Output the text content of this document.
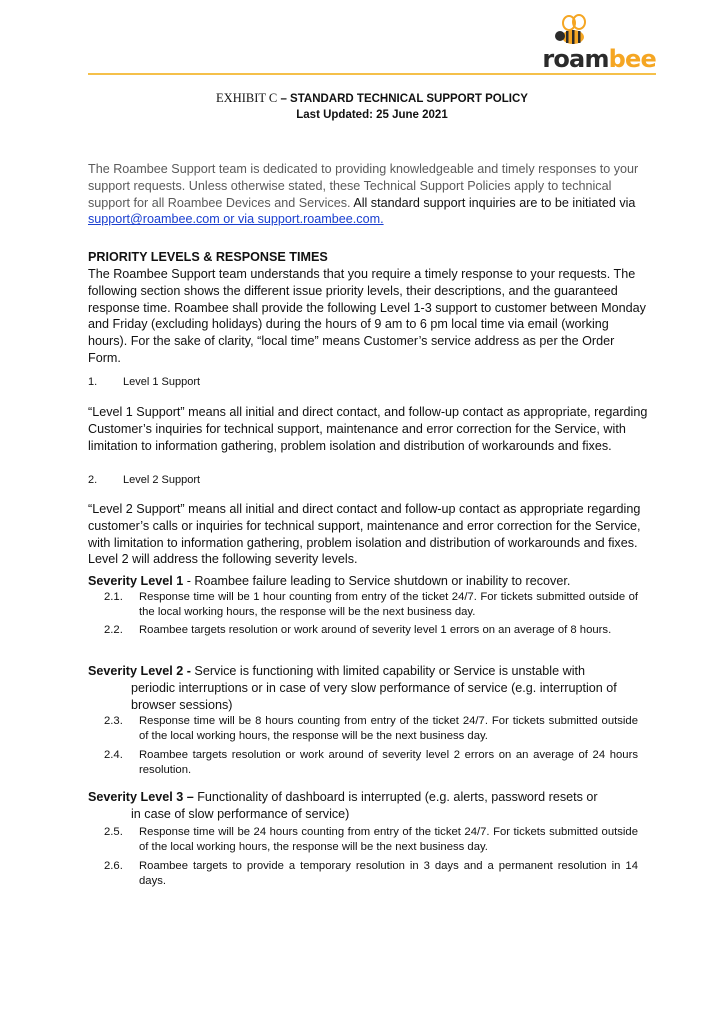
roambee
EXHIBIT C – STANDARD TECHNICAL SUPPORT POLICY
Last Updated: 25 June 2021
The Roambee Support team is dedicated to providing knowledgeable and timely responses to your support requests. Unless otherwise stated, these Technical Support Policies apply to technical support for all Roambee Devices and Services. All standard support inquiries are to be initiated via support@roambee.com or via support.roambee.com.
PRIORITY LEVELS & RESPONSE TIMES
The Roambee Support team understands that you require a timely response to your requests. The following section shows the different issue priority levels, their descriptions, and the guaranteed response time. Roambee shall provide the following Level 1-3 support to customer between Monday and Friday (excluding holidays) during the hours of 9 am to 6 pm local time via email (working hours). For the sake of clarity, “local time” means Customer’s service address as per the Order Form.
1. Level 1 Support
“Level 1 Support” means all initial and direct contact, and follow-up contact as appropriate, regarding Customer’s inquiries for technical support, maintenance and error correction for the Service, with limitation to information gathering, problem isolation and distribution of workarounds and fixes.
2. Level 2 Support
“Level 2 Support” means all initial and direct contact and follow-up contact as appropriate regarding customer’s calls or inquiries for technical support, maintenance and error correction for the Service, with limitation to information gathering, problem isolation and distribution of workarounds and fixes. Level 2 will address the following severity levels.
Severity Level 1 - Roambee failure leading to Service shutdown or inability to recover.
2.1. Response time will be 1 hour counting from entry of the ticket 24/7. For tickets submitted outside of the local working hours, the response will be the next business day.
2.2. Roambee targets resolution or work around of severity level 1 errors on an average of 8 hours.
Severity Level 2 - Service is functioning with limited capability or Service is unstable with
periodic interruptions or in case of very slow performance of service (e.g. interruption of browser sessions)
2.3. Response time will be 8 hours counting from entry of the ticket 24/7. For tickets submitted outside of the local working hours, the response will be the next business day.
2.4. Roambee targets resolution or work around of severity level 2 errors on an average of 24 hours resolution.
Severity Level 3 – Functionality of dashboard is interrupted (e.g. alerts, password resets or
in case of slow performance of service)
2.5. Response time will be 24 hours counting from entry of the ticket 24/7. For tickets submitted outside of the local working hours, the response will be the next business day.
2.6. Roambee targets to provide a temporary resolution in 3 days and a permanent resolution in 14 days.
